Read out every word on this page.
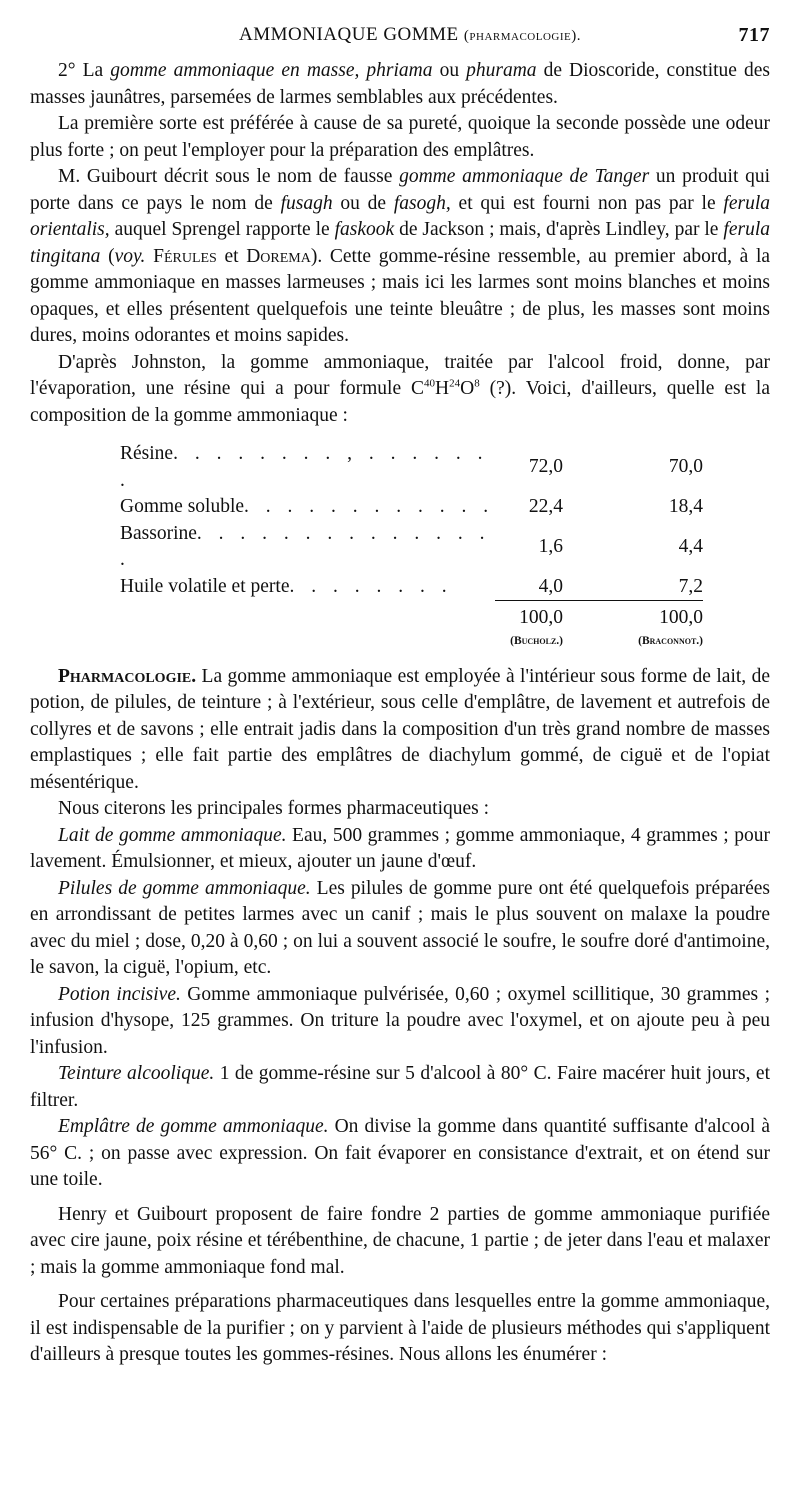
AMMONIAQUE GOMME (pharmacologie).	717

2° La gomme ammoniaque en masse, phriama ou phurama de Dioscoride, constitue des masses jaunâtres, parsemées de larmes semblables aux précédentes.

La première sorte est préférée à cause de sa pureté, quoique la seconde possède une odeur plus forte ; on peut l'employer pour la préparation des emplâtres.

M. Guibourt décrit sous le nom de fausse gomme ammoniaque de Tanger un produit qui porte dans ce pays le nom de fusagh ou de fasogh, et qui est fourni non pas par le ferula orientalis, auquel Sprengel rapporte le faskook de Jackson ; mais, d'après Lindley, par le ferula tingitana (voy. Férules et Dorema). Cette gomme-résine ressemble, au premier abord, à la gomme ammoniaque en masses larmeuses ; mais ici les larmes sont moins blanches et moins opaques, et elles présentent quelquefois une teinte bleuâtre ; de plus, les masses sont moins dures, moins odorantes et moins sapides.

D'après Johnston, la gomme ammoniaque, traitée par l'alcool froid, donne, par l'évaporation, une résine qui a pour formule $C^{40}H^{24}O^8$ (?). Voici, d'ailleurs, quelle est la composition de la gomme ammoniaque :

Résine. . . . . . . . , . . . . . . .	72,0	70,0
Gomme soluble. . . . . . . . . . . .	22,4	18,4
Bassorine. . . . . . . . . . . . . . .	1,6	4,4
Huile volatile et perte. . . . . . . .	4,0	7,2
	100,0	100,0
	(Bucholz.)	(Braconnot.)

Pharmacologie. La gomme ammoniaque est employée à l'intérieur sous forme de lait, de potion, de pilules, de teinture ; à l'extérieur, sous celle d'emplâtre, de lavement et autrefois de collyres et de savons ; elle entrait jadis dans la composition d'un très grand nombre de masses emplastiques ; elle fait partie des emplâtres de diachylum gommé, de ciguë et de l'opiat mésentérique.

Nous citerons les principales formes pharmaceutiques :

Lait de gomme ammoniaque. Eau, 500 grammes ; gomme ammoniaque, 4 grammes ; pour lavement. Émulsionner, et mieux, ajouter un jaune d'œuf.

Pilules de gomme ammoniaque. Les pilules de gomme pure ont été quelquefois préparées en arrondissant de petites larmes avec un canif ; mais le plus souvent on malaxe la poudre avec du miel ; dose, 0,20 à 0,60 ; on lui a souvent associé le soufre, le soufre doré d'antimoine, le savon, la ciguë, l'opium, etc.

Potion incisive. Gomme ammoniaque pulvérisée, 0,60 ; oxymel scillitique, 30 grammes ; infusion d'hysope, 125 grammes. On triture la poudre avec l'oxymel, et on ajoute peu à peu l'infusion.

Teinture alcoolique. 1 de gomme-résine sur 5 d'alcool à 80° C. Faire macérer huit jours, et filtrer.

Emplâtre de gomme ammoniaque. On divise la gomme dans quantité suffisante d'alcool à 56° C. ; on passe avec expression. On fait évaporer en consistance d'extrait, et on étend sur une toile.

Henry et Guibourt proposent de faire fondre 2 parties de gomme ammoniaque purifiée avec cire jaune, poix résine et térébenthine, de chacune, 1 partie ; de jeter dans l'eau et malaxer ; mais la gomme ammoniaque fond mal.

Pour certaines préparations pharmaceutiques dans lesquelles entre la gomme ammoniaque, il est indispensable de la purifier ; on y parvient à l'aide de plusieurs méthodes qui s'appliquent d'ailleurs à presque toutes les gommes-résines. Nous allons les énumérer :
